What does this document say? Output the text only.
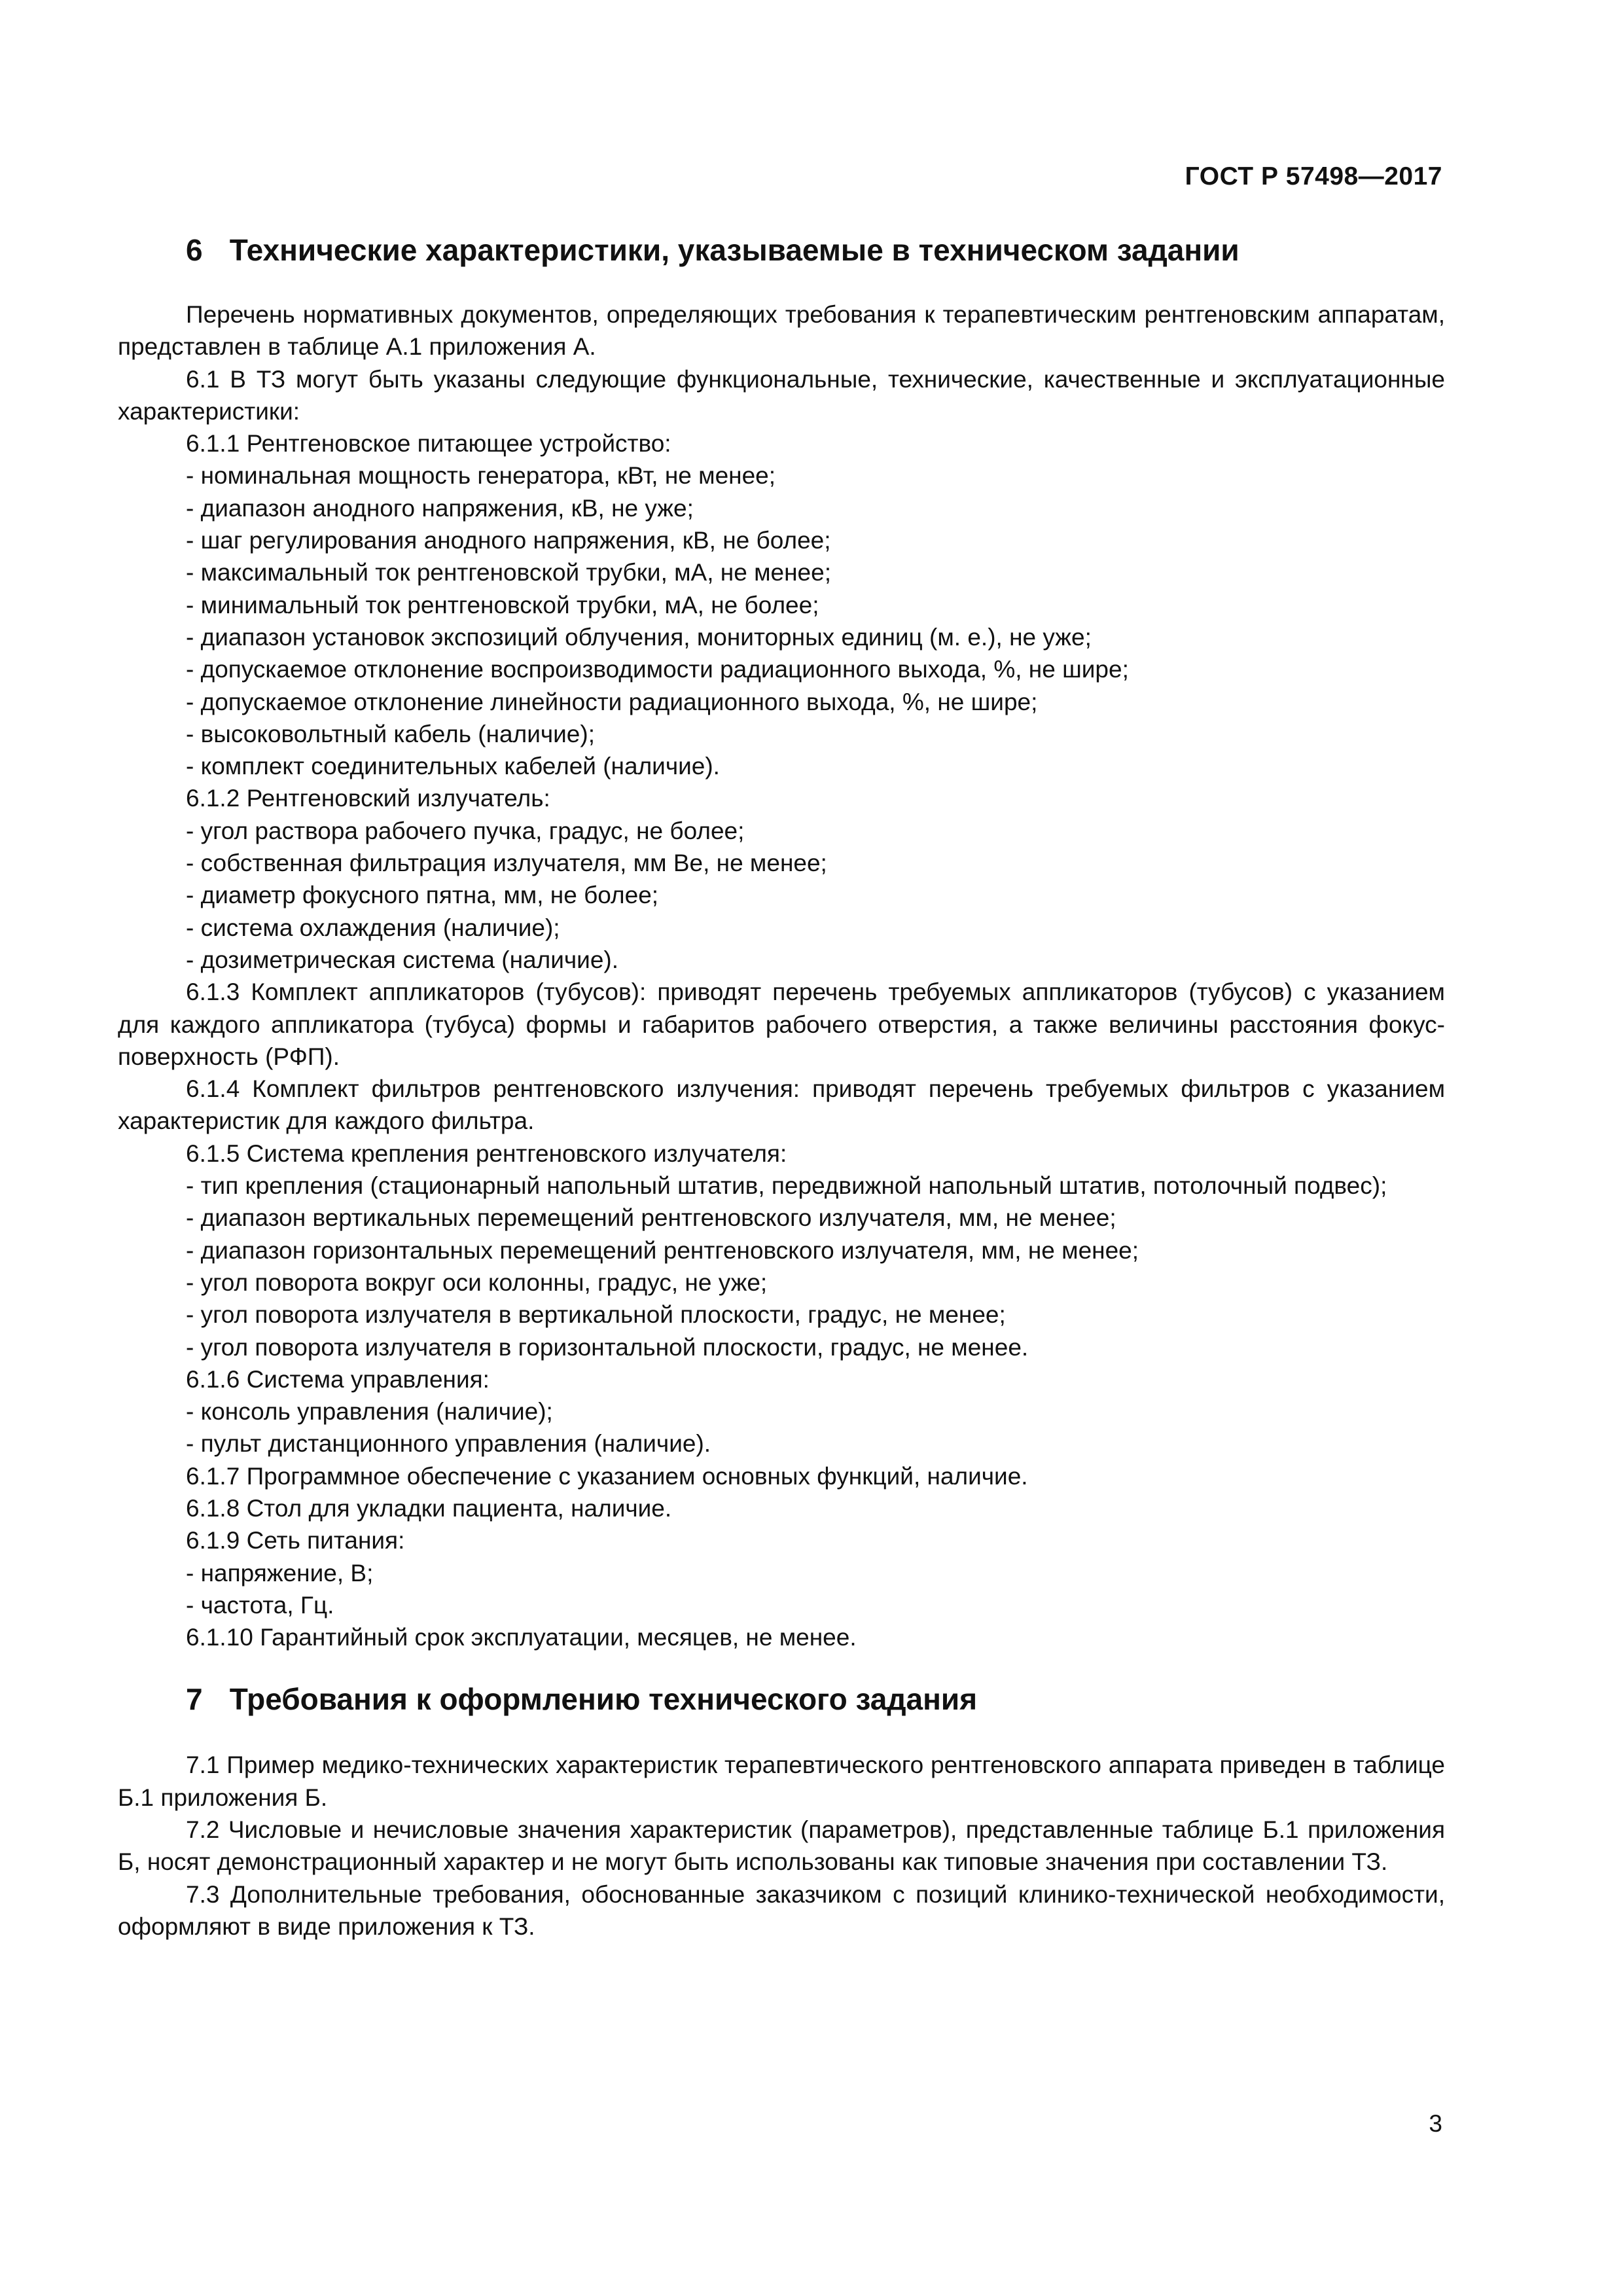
ГОСТ Р 57498—2017
6 Технические характеристики, указываемые в техническом задании

Перечень нормативных документов, определяющих требования к терапевтическим рентгеновским аппаратам, представлен в таблице А.1 приложения А.

6.1 В ТЗ могут быть указаны следующие функциональные, технические, качественные и эксплуатационные характеристики:

6.1.1 Рентгеновское питающее устройство:

- номинальная мощность генератора, кВт, не менее;
- диапазон анодного напряжения, кВ, не уже;
- шаг регулирования анодного напряжения, кВ, не более;
- максимальный ток рентгеновской трубки, мА, не менее;
- минимальный ток рентгеновской трубки, мА, не более;
- диапазон установок экспозиций облучения, мониторных единиц (м. е.), не уже;
- допускаемое отклонение воспроизводимости радиационного выхода, %, не шире;
- допускаемое отклонение линейности радиационного выхода, %, не шире;
- высоковольтный кабель (наличие);
- комплект соединительных кабелей (наличие).

6.1.2 Рентгеновский излучатель:

- угол раствора рабочего пучка, градус, не более;
- собственная фильтрация излучателя, мм Be, не менее;
- диаметр фокусного пятна, мм, не более;
- система охлаждения (наличие);
- дозиметрическая система (наличие).

6.1.3 Комплект аппликаторов (тубусов): приводят перечень требуемых аппликаторов (тубусов) с указанием для каждого аппликатора (тубуса) формы и габаритов рабочего отверстия, а также величины расстояния фокус-поверхность (РФП).

6.1.4 Комплект фильтров рентгеновского излучения: приводят перечень требуемых фильтров с указанием характеристик для каждого фильтра.

6.1.5 Система крепления рентгеновского излучателя:

- тип крепления (стационарный напольный штатив, передвижной напольный штатив, потолочный подвес);

- диапазон вертикальных перемещений рентгеновского излучателя, мм, не менее;
- диапазон горизонтальных перемещений рентгеновского излучателя, мм, не менее;
- угол поворота вокруг оси колонны, градус, не уже;
- угол поворота излучателя в вертикальной плоскости, градус, не менее;
- угол поворота излучателя в горизонтальной плоскости, градус, не менее.

6.1.6 Система управления:

- консоль управления (наличие);
- пульт дистанционного управления (наличие).

6.1.7 Программное обеспечение с указанием основных функций, наличие.

6.1.8 Стол для укладки пациента, наличие.

6.1.9 Сеть питания:

- напряжение, В;
- частота, Гц.

6.1.10 Гарантийный срок эксплуатации, месяцев, не менее.

7 Требования к оформлению технического задания

7.1 Пример медико-технических характеристик терапевтического рентгеновского аппарата приведен в таблице Б.1 приложения Б.

7.2 Числовые и нечисловые значения характеристик (параметров), представленные таблице Б.1 приложения Б, носят демонстрационный характер и не могут быть использованы как типовые значения при составлении ТЗ.

7.3 Дополнительные требования, обоснованные заказчиком с позиций клинико-технической необходимости, оформляют в виде приложения к ТЗ.

3
